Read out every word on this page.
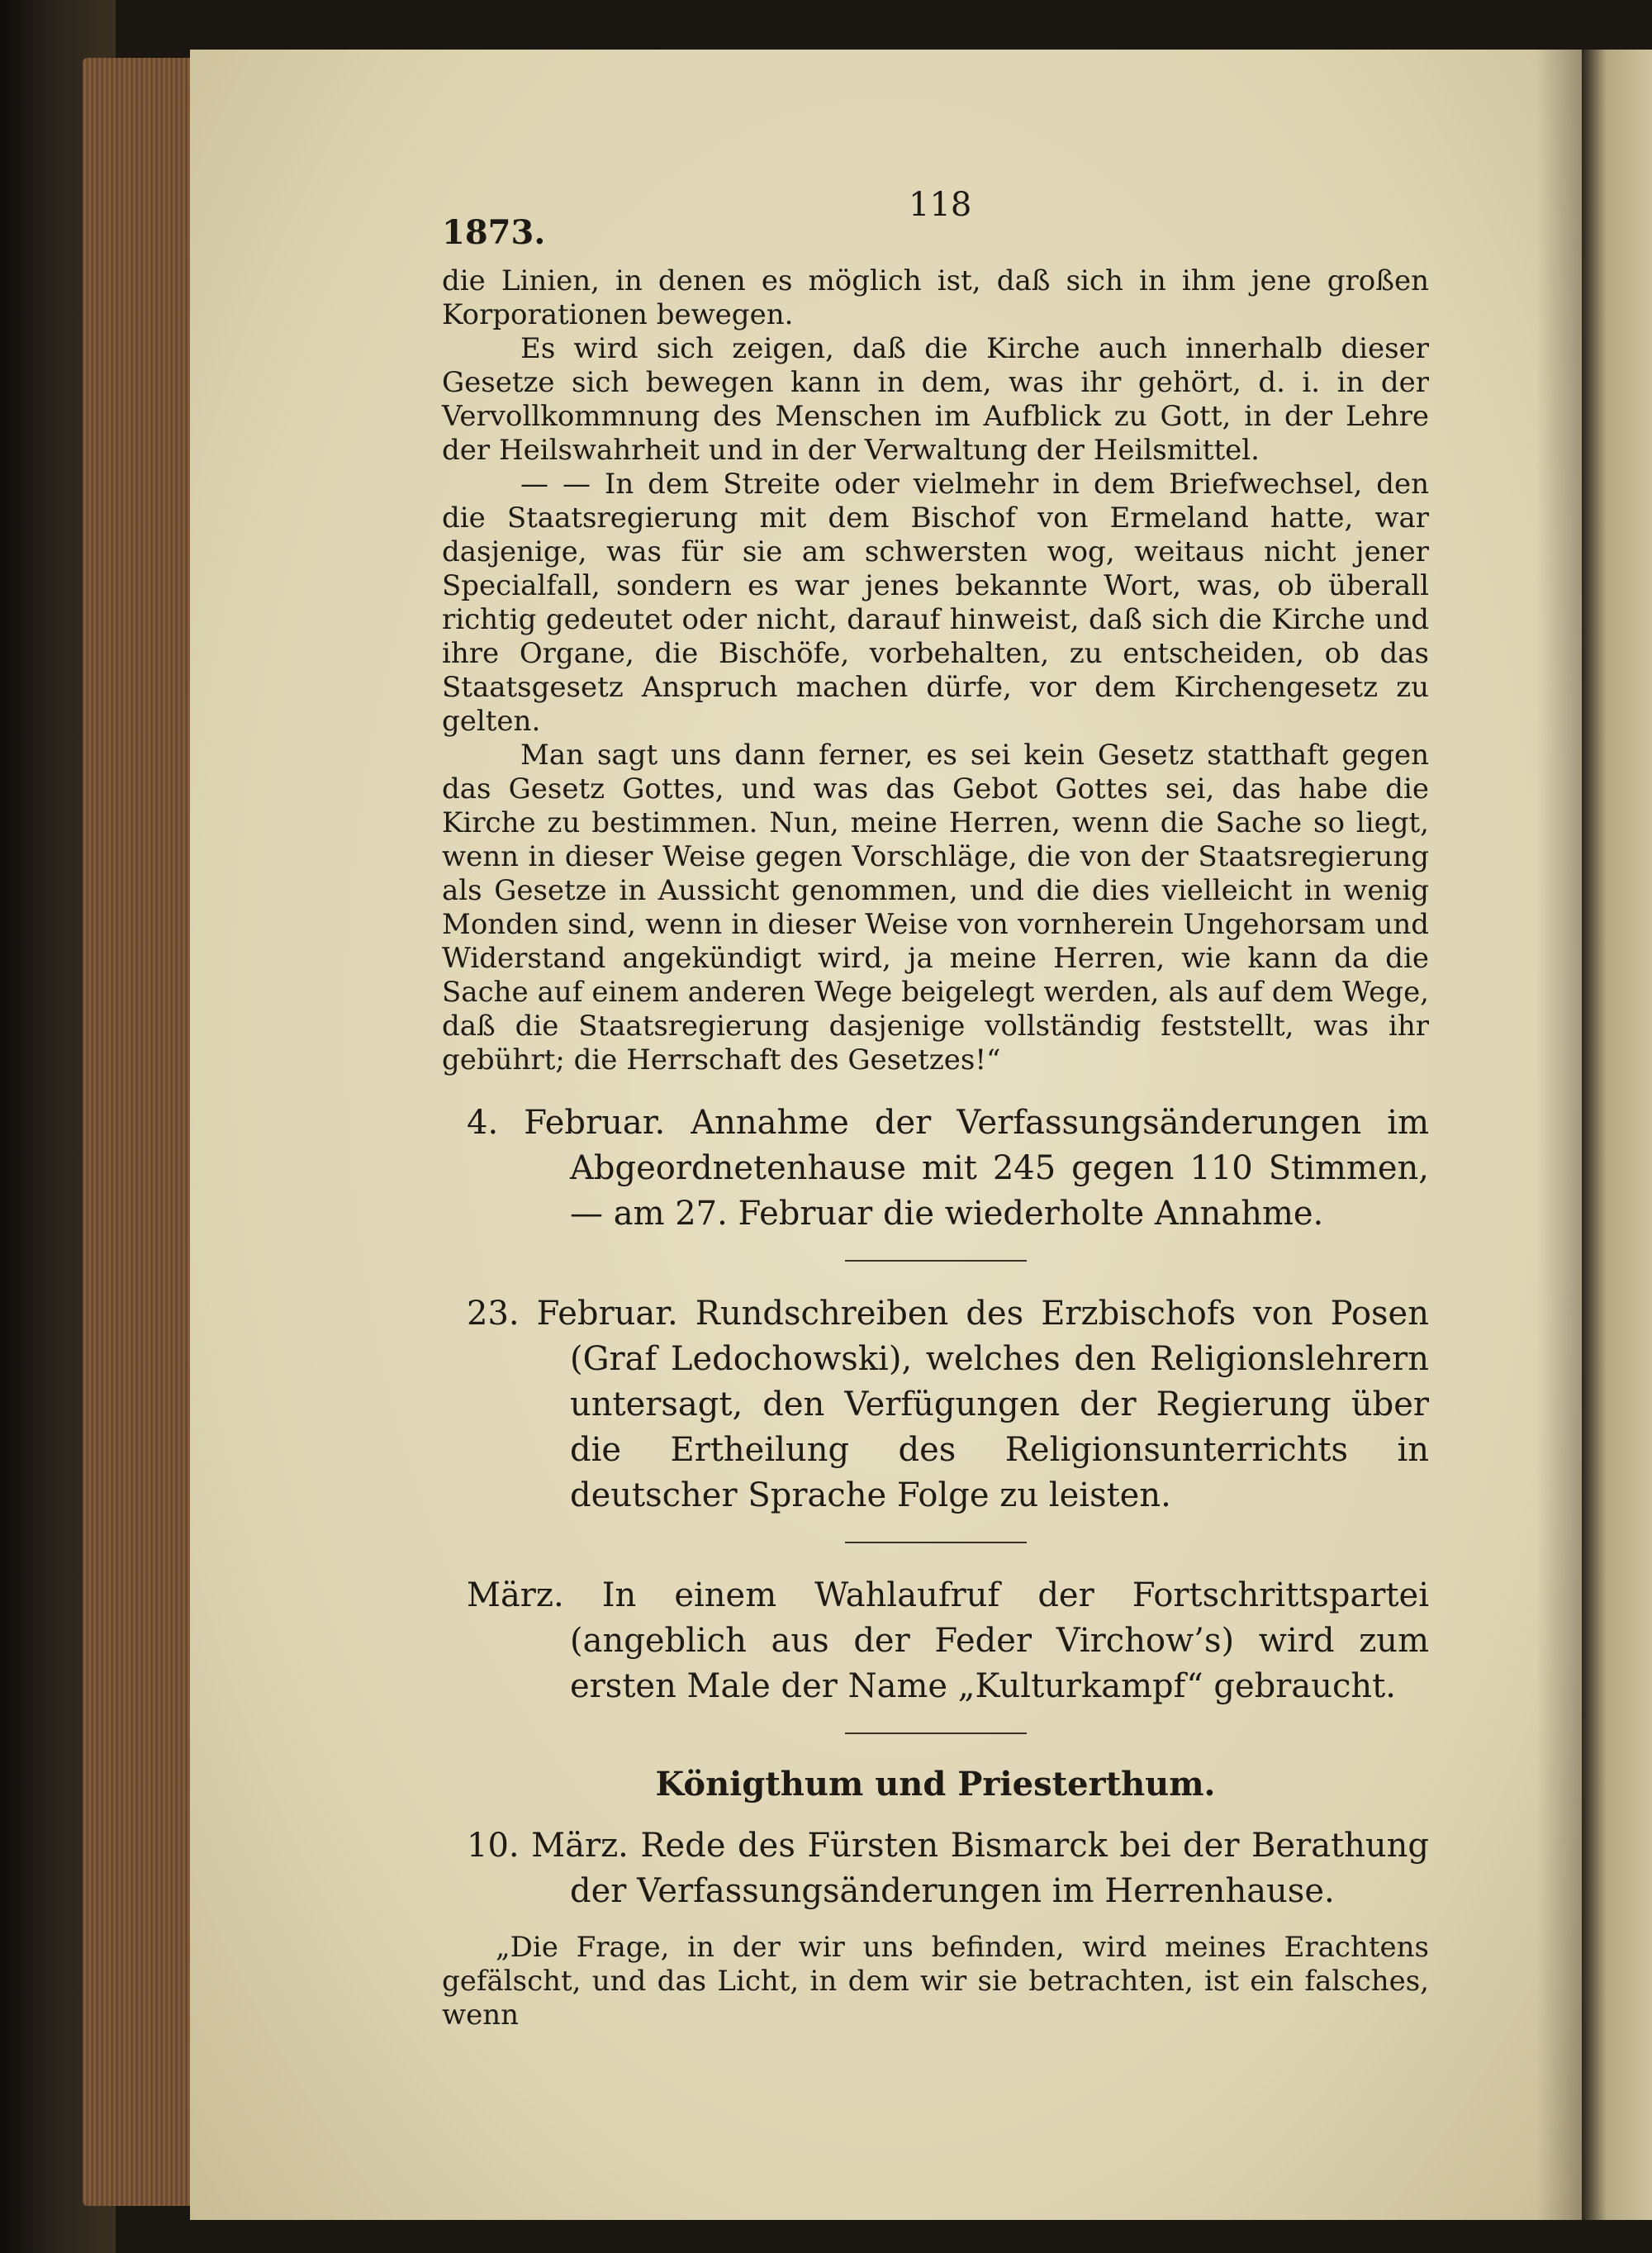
118
1873.

die Linien, in denen es möglich ist, daß sich in ihm jene großen Korporationen bewegen.

Es wird sich zeigen, daß die Kirche auch innerhalb dieser Gesetze sich bewegen kann in dem, was ihr gehört, d. i. in der Vervollkommnung des Menschen im Aufblick zu Gott, in der Lehre der Heilswahrheit und in der Verwaltung der Heilsmittel.

— — In dem Streite oder vielmehr in dem Briefwechsel, den die Staatsregierung mit dem Bischof von Ermeland hatte, war dasjenige, was für sie am schwersten wog, weitaus nicht jener Specialfall, sondern es war jenes bekannte Wort, was, ob überall richtig gedeutet oder nicht, darauf hinweist, daß sich die Kirche und ihre Organe, die Bischöfe, vorbehalten, zu entscheiden, ob das Staatsgesetz Anspruch machen dürfe, vor dem Kirchengesetz zu gelten.

Man sagt uns dann ferner, es sei kein Gesetz statthaft gegen das Gesetz Gottes, und was das Gebot Gottes sei, das habe die Kirche zu bestimmen. Nun, meine Herren, wenn die Sache so liegt, wenn in dieser Weise gegen Vorschläge, die von der Staatsregierung als Gesetze in Aussicht genommen, und die dies vielleicht in wenig Monden sind, wenn in dieser Weise von vornherein Ungehorsam und Widerstand angekündigt wird, ja meine Herren, wie kann da die Sache auf einem anderen Wege beigelegt werden, als auf dem Wege, daß die Staatsregierung dasjenige vollständig feststellt, was ihr gebührt; die Herrschaft des Gesetzes!“

4. Februar. Annahme der Verfassungsänderungen im Abgeordnetenhause mit 245 gegen 110 Stimmen, — am 27. Februar die wiederholte Annahme.

23. Februar. Rundschreiben des Erzbischofs von Posen (Graf Ledochowski), welches den Religionslehrern untersagt, den Verfügungen der Regierung über die Ertheilung des Religionsunterrichts in deutscher Sprache Folge zu leisten.

März. In einem Wahlaufruf der Fortschrittspartei (angeblich aus der Feder Virchow’s) wird zum ersten Male der Name „Kulturkampf“ gebraucht.

Königthum und Priesterthum.

10. März. Rede des Fürsten Bismarck bei der Berathung der Verfassungsänderungen im Herrenhause.

„Die Frage, in der wir uns befinden, wird meines Erachtens gefälscht, und das Licht, in dem wir sie betrachten, ist ein falsches, wenn
